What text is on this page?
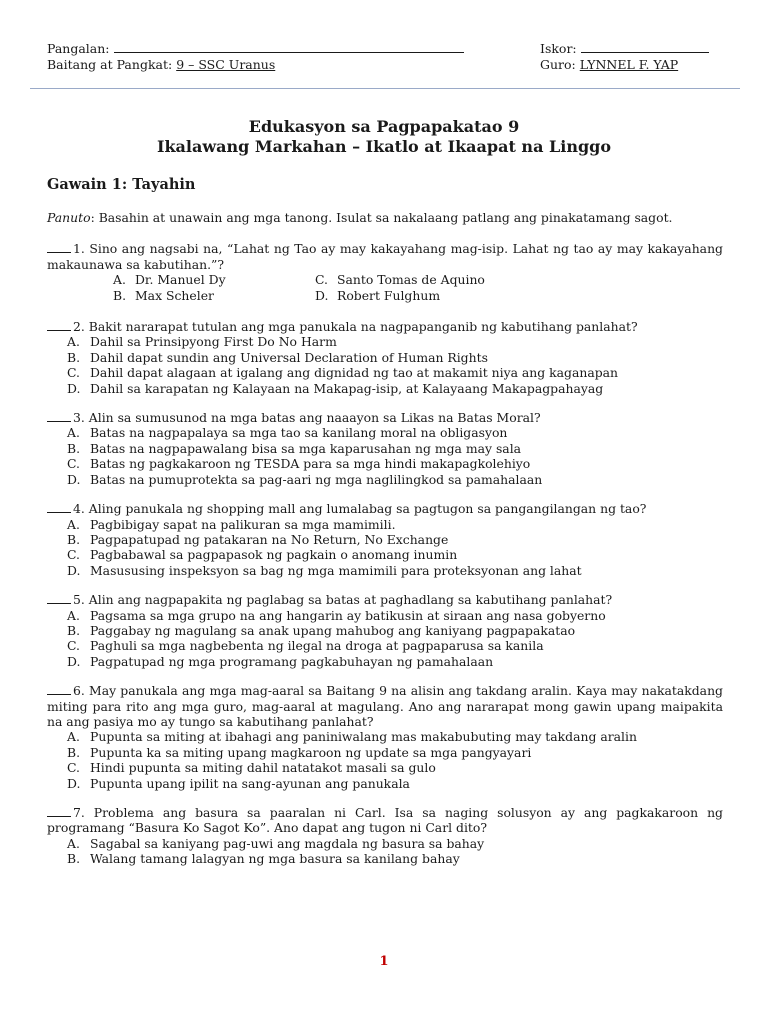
Pangalan:
Baitang at Pangkat: 9 – SSC Uranus
Iskor:
Guro: LYNNEL F. YAP
Edukasyon sa Pagpapakatao 9
Ikalawang Markahan – Ikatlo at Ikaapat na Linggo
Gawain 1: Tayahin
Panuto: Basahin at unawain ang mga tanong. Isulat sa nakalaang patlang ang pinakatamang sagot.
1. Sino ang nagsabi na, “Lahat ng Tao ay may kakayahang mag-isip. Lahat ng tao ay may kakayahang makaunawa sa kabutihan.”?
A. Dr. Manuel Dy	C. Santo Tomas de Aquino
B. Max Scheler	D. Robert Fulghum
2. Bakit nararapat tutulan ang mga panukala na nagpapanganib ng kabutihang panlahat?
A. Dahil sa Prinsipyong First Do No Harm
B. Dahil dapat sundin ang Universal Declaration of Human Rights
C. Dahil dapat alagaan at igalang ang dignidad ng tao at makamit niya ang kaganapan
D. Dahil sa karapatan ng Kalayaan na Makapag-isip, at Kalayaang Makapagpahayag
3. Alin sa sumusunod na mga batas ang naaayon sa Likas na Batas Moral?
A. Batas na nagpapalaya sa mga tao sa kanilang moral na obligasyon
B. Batas na nagpapawalang bisa sa mga kaparusahan ng mga may sala
C. Batas ng pagkakaroon ng TESDA para sa mga hindi makapagkolehiyo
D. Batas na pumuprotekta sa pag-aari ng mga naglilingkod sa pamahalaan
4. Aling panukala ng shopping mall ang lumalabag sa pagtugon sa pangangilangan ng tao?
A. Pagbibigay sapat na palikuran sa mga mamimili.
B. Pagpapatupad ng patakaran na No Return, No Exchange
C. Pagbabawal sa pagpapasok ng pagkain o anomang inumin
D. Masususing inspeksyon sa bag ng mga mamimili para proteksyonan ang lahat
5. Alin ang nagpapakita ng paglabag sa batas at paghadlang sa kabutihang panlahat?
A. Pagsama sa mga grupo na ang hangarin ay batikusin at siraan ang nasa gobyerno
B. Paggabay ng magulang sa anak upang mahubog ang kaniyang pagpapakatao
C. Paghuli sa mga nagbebenta ng ilegal na droga at pagpaparusa sa kanila
D. Pagpatupad ng mga programang pagkabuhayan ng pamahalaan
6. May panukala ang mga mag-aaral sa Baitang 9 na alisin ang takdang aralin. Kaya may nakatakdang miting para rito ang mga guro, mag-aaral at magulang. Ano ang nararapat mong gawin upang maipakita na ang pasiya mo ay tungo sa kabutihang panlahat?
A. Pupunta sa miting at ibahagi ang paniniwalang mas makabubuting may takdang aralin
B. Pupunta ka sa miting upang magkaroon ng update sa mga pangyayari
C. Hindi pupunta sa miting dahil natatakot masali sa gulo
D. Pupunta upang ipilit na sang-ayunan ang panukala
7. Problema ang basura sa paaralan ni Carl. Isa sa naging solusyon ay ang pagkakaroon ng programang “Basura Ko Sagot Ko”. Ano dapat ang tugon ni Carl dito?
A. Sagabal sa kaniyang pag-uwi ang magdala ng basura sa bahay
B. Walang tamang lalagyan ng mga basura sa kanilang bahay
1
